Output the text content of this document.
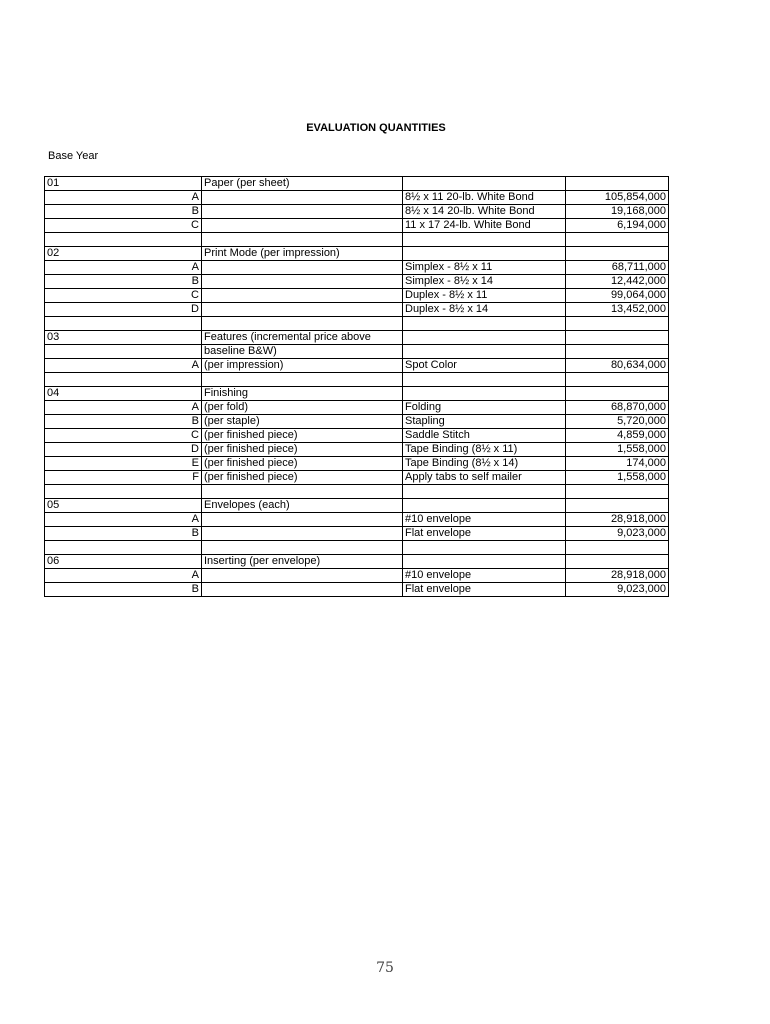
EVALUATION QUANTITIES
Base Year
01	Paper (per sheet)		
A		8½ x 11 20-lb. White Bond	105,854,000
B		8½ x 14 20-lb. White Bond	19,168,000
C		11 x 17 24-lb. White Bond	6,194,000

02	Print Mode (per impression)		
A		Simplex - 8½ x 11	68,711,000
B		Simplex - 8½ x 14	12,442,000
C		Duplex - 8½ x 11	99,064,000
D		Duplex - 8½ x 14	13,452,000

03	Features (incremental price above		
	baseline B&W)		
A	(per impression)	Spot Color	80,634,000

04	Finishing		
A	(per fold)	Folding	68,870,000
B	(per staple)	Stapling	5,720,000
C	(per finished piece)	Saddle Stitch	4,859,000
D	(per finished piece)	Tape Binding (8½ x 11)	1,558,000
E	(per finished piece)	Tape Binding (8½ x 14)	174,000
F	(per finished piece)	Apply tabs to self mailer	1,558,000

05	Envelopes (each)		
A		#10 envelope	28,918,000
B		Flat envelope	9,023,000

06	Inserting (per envelope)		
A		#10 envelope	28,918,000
B		Flat envelope	9,023,000
75
